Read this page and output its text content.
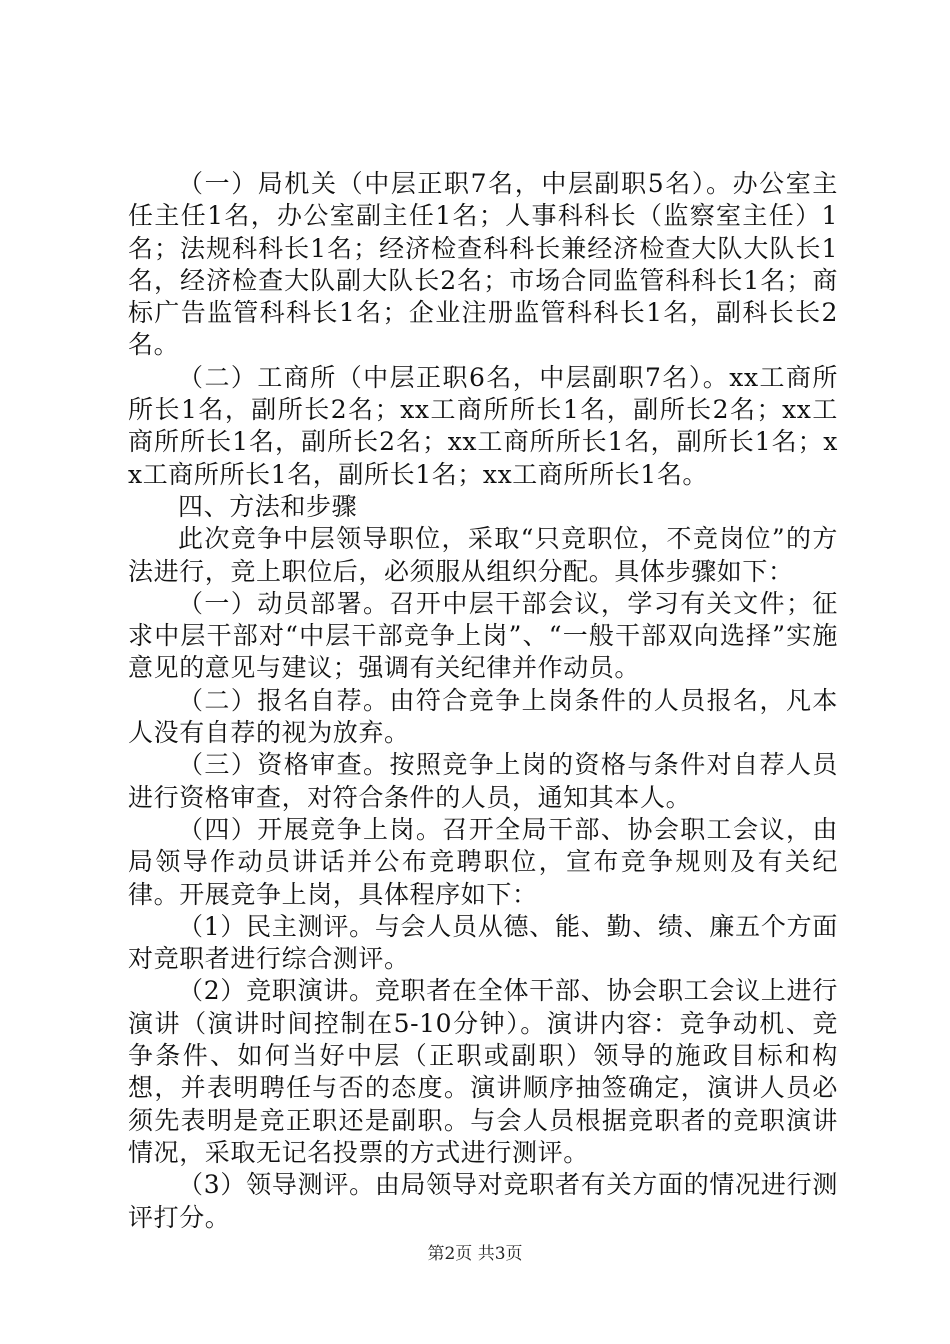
（一）局机关（中层正职7名，中层副职5名）。办公室主任主任1名，办公室副主任1名；人事科科长（监察室主任）1名；法规科科长1名；经济检查科科长兼经济检查大队大队长1名，经济检查大队副大队长2名；市场合同监管科科长1名；商标广告监管科科长1名；企业注册监管科科长1名，副科长长2名。

（二）工商所（中层正职6名，中层副职7名）。xx工商所所长1名，副所长2名；xx工商所所长1名，副所长2名；xx工商所所长1名，副所长2名；xx工商所所长1名，副所长1名；xx工商所所长1名，副所长1名；xx工商所所长1名。

四、方法和步骤

此次竞争中层领导职位，采取“只竞职位，不竞岗位”的方法进行，竞上职位后，必须服从组织分配。具体步骤如下：

（一）动员部署。召开中层干部会议，学习有关文件；征求中层干部对“中层干部竞争上岗”、“一般干部双向选择”实施意见的意见与建议；强调有关纪律并作动员。

（二）报名自荐。由符合竞争上岗条件的人员报名，凡本人没有自荐的视为放弃。

（三）资格审查。按照竞争上岗的资格与条件对自荐人员进行资格审查，对符合条件的人员，通知其本人。

（四）开展竞争上岗。召开全局干部、协会职工会议，由局领导作动员讲话并公布竞聘职位，宣布竞争规则及有关纪律。开展竞争上岗，具体程序如下：

（1）民主测评。与会人员从德、能、勤、绩、廉五个方面对竞职者进行综合测评。

（2）竞职演讲。竞职者在全体干部、协会职工会议上进行演讲（演讲时间控制在5-10分钟）。演讲内容：竞争动机、竞争条件、如何当好中层（正职或副职）领导的施政目标和构想，并表明聘任与否的态度。演讲顺序抽签确定，演讲人员必须先表明是竞正职还是副职。与会人员根据竞职者的竞职演讲情况，采取无记名投票的方式进行测评。

（3）领导测评。由局领导对竞职者有关方面的情况进行测评打分。

第2页 共3页
